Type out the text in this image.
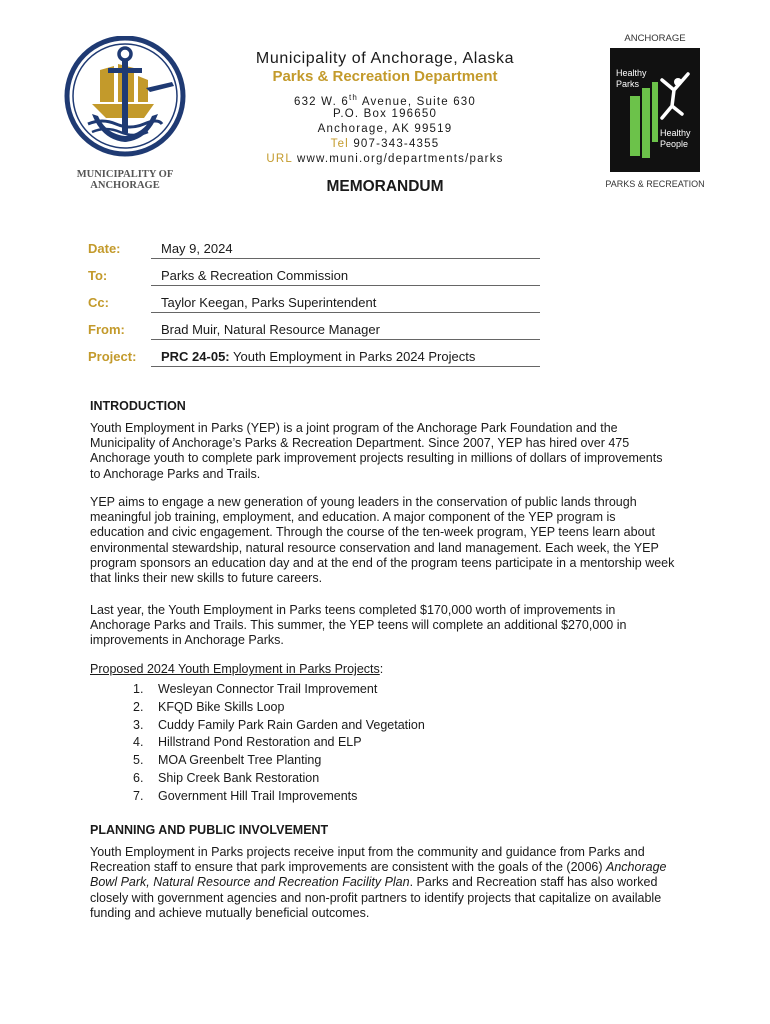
MUNICIPALITY OF
ANCHORAGE
ANCHORAGE
Healthy
Parks
Healthy
People
PARKS & RECREATION
Municipality of Anchorage, Alaska
Parks & Recreation Department
632 W. 6th Avenue, Suite 630
P.O. Box 196650
Anchorage, AK 99519
Tel 907-343-4355
URL www.muni.org/departments/parks
MEMORANDUM
Date:	May 9, 2024
To:	Parks & Recreation Commission
Cc:	Taylor Keegan, Parks Superintendent
From:	Brad Muir, Natural Resource Manager
Project: PRC 24-05: Youth Employment in Parks 2024 Projects
INTRODUCTION
Youth Employment in Parks (YEP) is a joint program of the Anchorage Park Foundation and the
Municipality of Anchorage’s Parks & Recreation Department. Since 2007, YEP has hired over 475
Anchorage youth to complete park improvement projects resulting in millions of dollars of improvements
to Anchorage Parks and Trails.
YEP aims to engage a new generation of young leaders in the conservation of public lands through
meaningful job training, employment, and education. A major component of the YEP program is
education and civic engagement. Through the course of the ten-week program, YEP teens learn about
environmental stewardship, natural resource conservation and land management. Each week, the YEP
program sponsors an education day and at the end of the program teens participate in a mentorship week
that links their new skills to future careers.
Last year, the Youth Employment in Parks teens completed $170,000 worth of improvements in
Anchorage Parks and Trails. This summer, the YEP teens will complete an additional $270,000 in
improvements in Anchorage Parks.
Proposed 2024 Youth Employment in Parks Projects:
1. Wesleyan Connector Trail Improvement
2. KFQD Bike Skills Loop
3. Cuddy Family Park Rain Garden and Vegetation
4. Hillstrand Pond Restoration and ELP
5. MOA Greenbelt Tree Planting
6. Ship Creek Bank Restoration
7. Government Hill Trail Improvements
PLANNING AND PUBLIC INVOLVEMENT
Youth Employment in Parks projects receive input from the community and guidance from Parks and
Recreation staff to ensure that park improvements are consistent with the goals of the (2006) Anchorage
Bowl Park, Natural Resource and Recreation Facility Plan. Parks and Recreation staff has also worked
closely with government agencies and non-profit partners to identify projects that capitalize on available
funding and achieve mutually beneficial outcomes.
